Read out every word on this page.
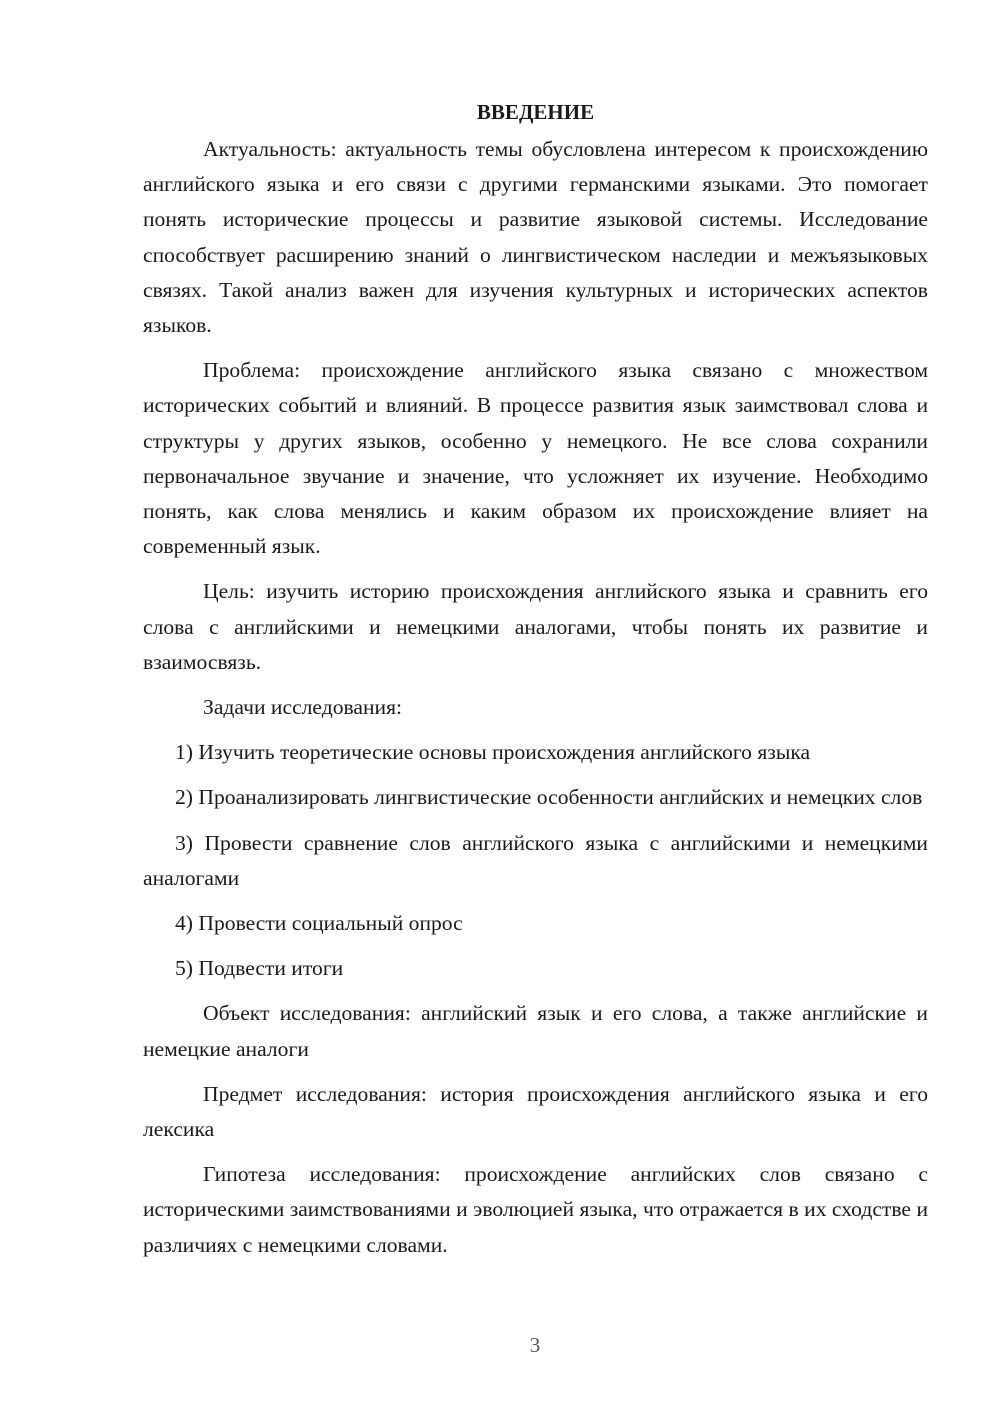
ВВЕДЕНИЕ

Актуальность: актуальность темы обусловлена интересом к происхождению английского языка и его связи с другими германскими языками. Это помогает понять исторические процессы и развитие языковой системы. Исследование способствует расширению знаний о лингвистическом наследии и межъязыковых связях. Такой анализ важен для изучения культурных и исторических аспектов языков.

Проблема: происхождение английского языка связано с множеством исторических событий и влияний. В процессе развития язык заимствовал слова и структуры у других языков, особенно у немецкого. Не все слова сохранили первоначальное звучание и значение, что усложняет их изучение. Необходимо понять, как слова менялись и каким образом их происхождение влияет на современный язык.

Цель: изучить историю происхождения английского языка и сравнить его слова с английскими и немецкими аналогами, чтобы понять их развитие и взаимосвязь.

Задачи исследования:

1) Изучить теоретические основы происхождения английского языка

2) Проанализировать лингвистические особенности английских и немецких слов

3) Провести сравнение слов английского языка с английскими и немецкими аналогами

4) Провести социальный опрос

5) Подвести итоги

Объект исследования: английский язык и его слова, а также английские и немецкие аналоги

Предмет исследования: история происхождения английского языка и его лексика

Гипотеза исследования: происхождение английских слов связано с историческими заимствованиями и эволюцией языка, что отражается в их сходстве и различиях с немецкими словами.

3
